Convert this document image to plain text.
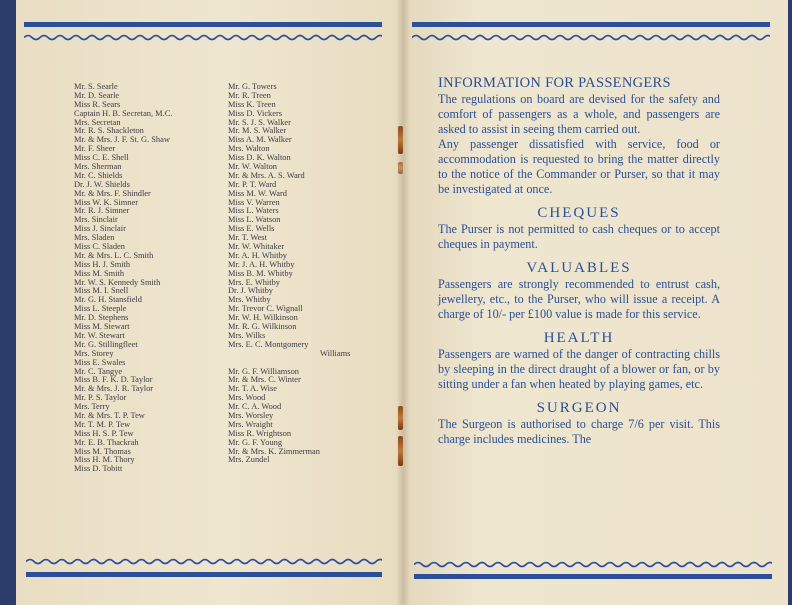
Mr. S. Searle
Mr. D. Searle
Miss R. Sears
Captain H. B. Secretan, M.C.
Mrs. Secretan
Mr. R. S. Shackleton
Mr. & Mrs. J. F. St. G. Shaw
Mr. F. Sheer
Miss C. E. Shell
Mrs. Sherman
Mr. C. Shields
Dr. J. W. Shields
Mr. & Mrs. F. Shindler
Miss W. K. Simner
Mr. R. J. Simner
Mrs. Sinclair
Miss J. Sinclair
Mrs. Sladen
Miss C. Sladen
Mr. & Mrs. L. C. Smith
Miss H. J. Smith
Miss M. Smith
Mr. W. S. Kennedy Smith
Miss M. I. Snell
Mr. G. H. Stansfield
Miss L. Steeple
Mr. D. Stephens
Miss M. Stewart
Mr. W. Stewart
Mr. G. Stillingfleet
Mrs. Storey
Miss E. Swales
Mr. C. Tangye
Miss B. F. K. D. Taylor
Mr. & Mrs. J. R. Taylor
Mr. P. S. Taylor
Mrs. Terry
Mr. & Mrs. T. P. Tew
Mr. T. M. P. Tew
Miss H. S. P. Tew
Mr. E. B. Thackrah
Miss M. Thomas
Miss H. M. Thory
Miss D. Tobitt
Mr. G. Towers
Mr. R. Treen
Miss K. Treen
Miss D. Vickers
Mr. S. J. S. Walker
Mr. M. S. Walker
Miss A. M. Walker
Mrs. Walton
Miss D. K. Walton
Mr. W. Walton
Mr. & Mrs. A. S. Ward
Mr. P. T. Ward
Miss M. W. Ward
Miss V. Warren
Miss L. Waters
Miss L. Watson
Miss E. Wells
Mr. T. West
Mr. W. Whitaker
Mr. A. H. Whitby
Mr. J. A. H. Whitby
Miss B. M. Whitby
Mrs. E. Whitby
Dr. J. Whitby
Mrs. Whitby
Mr. Trevor C. Wignall
Mr. W. H. Wilkinson
Mr. R. G. Wilkinson
Mrs. Wilks
Mrs. E. C. Montgomery
Williams
Mr. G. F. Williamson
Mr. & Mrs. C. Winter
Mr. T. A. Wise
Mrs. Wood
Mr. C. A. Wood
Mrs. Worsley
Mrs. Wraight
Miss R. Wrightson
Mr. G. F. Young
Mr. & Mrs. K. Zimmerman
Mrs. Zundel
INFORMATION FOR PASSENGERS

The regulations on board are devised for the safety and comfort of passengers as a whole, and passengers are asked to assist in seeing them carried out.

Any passenger dissatisfied with service, food or accommodation is requested to bring the matter directly to the notice of the Commander or Purser, so that it may be investigated at once.

CHEQUES

The Purser is not permitted to cash cheques or to accept cheques in payment.

VALUABLES

Passengers are strongly recommended to entrust cash, jewellery, etc., to the Purser, who will issue a receipt. A charge of 10/- per £100 value is made for this service.

HEALTH

Passengers are warned of the danger of contracting chills by sleeping in the direct draught of a blower or fan, or by sitting under a fan when heated by playing games, etc.

SURGEON

The Surgeon is authorised to charge 7/6 per visit. This charge includes medicines. The
